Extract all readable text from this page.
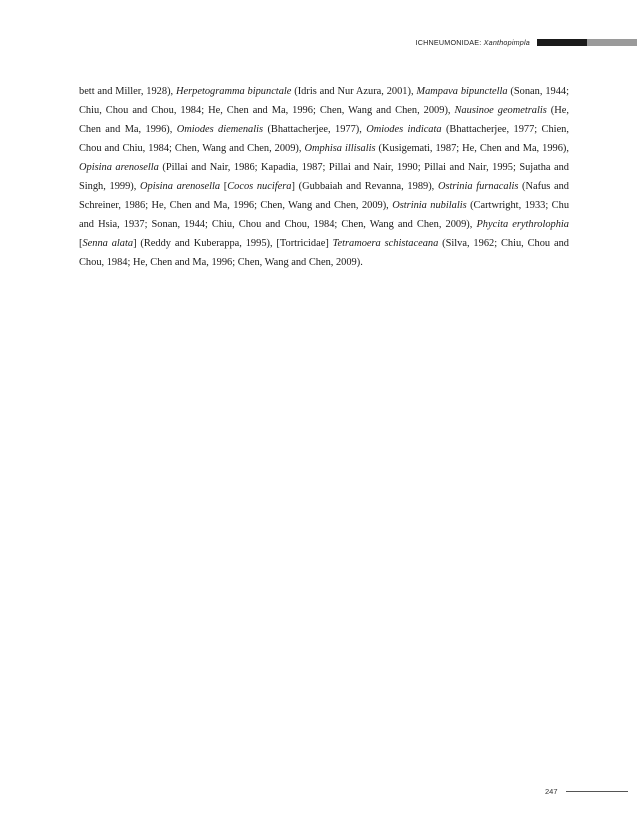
ICHNEUMONIDAE: Xanthopimpla

bett and Miller, 1928), Herpetogramma bipunctale (Idris and Nur Azura, 2001), Mampava bipunctella (Sonan, 1944; Chiu, Chou and Chou, 1984; He, Chen and Ma, 1996; Chen, Wang and Chen, 2009), Nausinoe geometralis (He, Chen and Ma, 1996), Omiodes diemenalis (Bhattacherjee, 1977), Omiodes indicata (Bhattacherjee, 1977; Chien, Chou and Chiu, 1984; Chen, Wang and Chen, 2009), Omphisa illisalis (Kusigemati, 1987; He, Chen and Ma, 1996), Opisina arenosella (Pillai and Nair, 1986; Kapadia, 1987; Pillai and Nair, 1990; Pillai and Nair, 1995; Sujatha and Singh, 1999), Opisina arenosella [Cocos nucifera] (Gubbaiah and Revanna, 1989), Ostrinia furnacalis (Nafus and Schreiner, 1986; He, Chen and Ma, 1996; Chen, Wang and Chen, 2009), Ostrinia nubilalis (Cartwright, 1933; Chu and Hsia, 1937; Sonan, 1944; Chiu, Chou and Chou, 1984; Chen, Wang and Chen, 2009), Phycita erythrolophia [Senna alata] (Reddy and Kuberappa, 1995), [Tortricidae] Tetramoera schistaceana (Silva, 1962; Chiu, Chou and Chou, 1984; He, Chen and Ma, 1996; Chen, Wang and Chen, 2009).

247
